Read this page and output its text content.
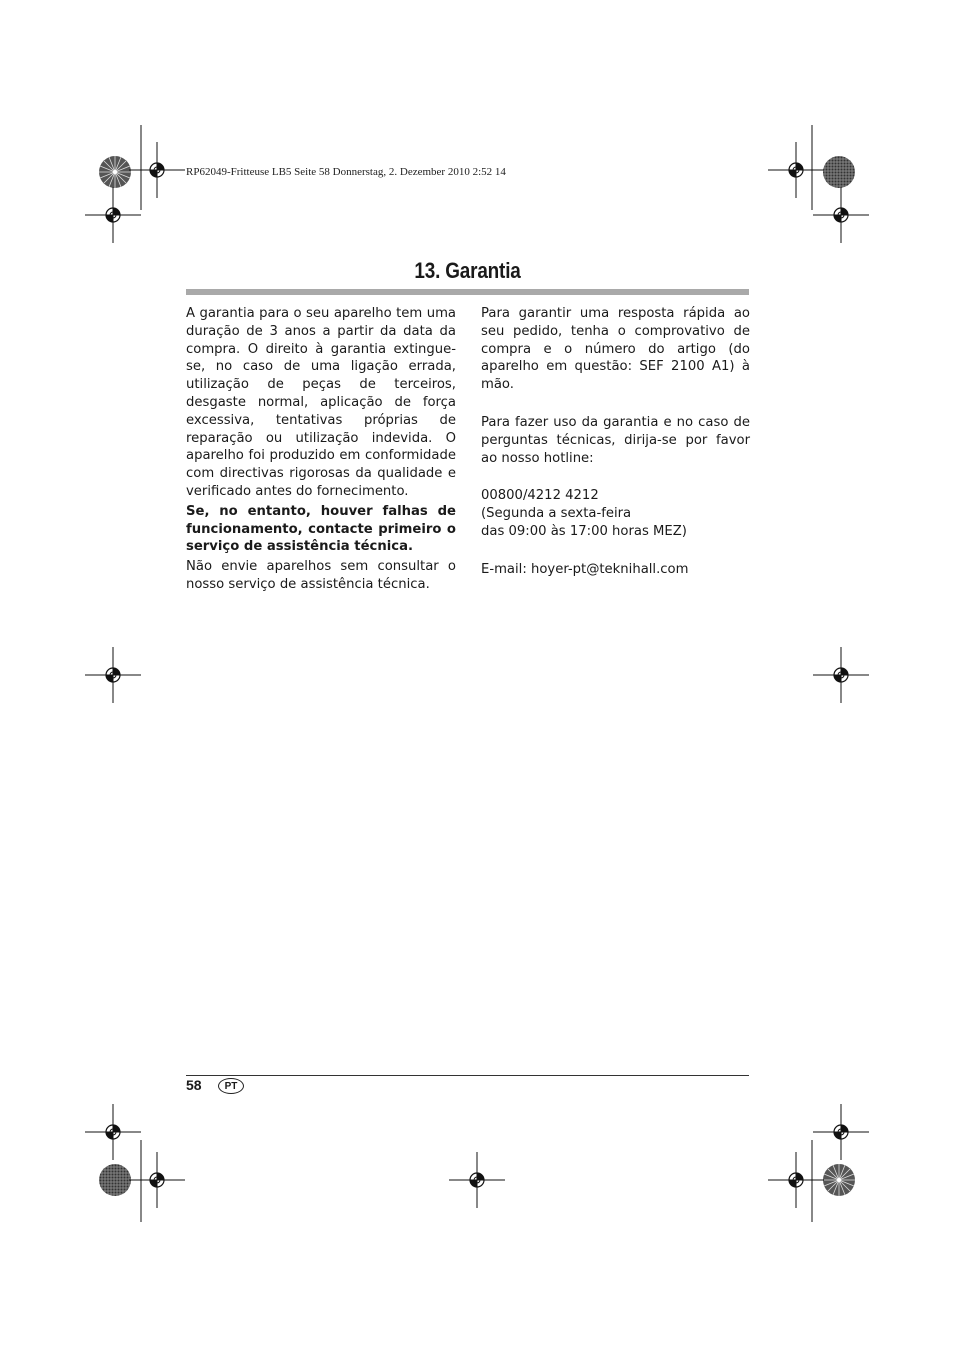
RP62049-Fritteuse LB5 Seite 58 Donnerstag, 2. Dezember 2010 2:52 14
13. Garantia

A garantia para o seu aparelho tem uma duração de 3 anos a partir da data da compra. O direito à garantia extingue-se, no caso de uma ligação errada, utilização de peças de terceiros, desgaste normal, aplicação de força excessiva, tentativas próprias de reparação ou utilização indevida. O aparelho foi produzido em conformidade com directivas rigorosas da qualidade e verificado antes do fornecimento.

Se, no entanto, houver falhas de funcionamento, contacte primeiro o serviço de assistência técnica.

Não envie aparelhos sem consultar o nosso serviço de assistência técnica.

Para garantir uma resposta rápida ao seu pedido, tenha o comprovativo de compra e o número do artigo (do aparelho em questão: SEF 2100 A1) à mão.

Para fazer uso da garantia e no caso de perguntas técnicas, dirija-se por favor ao nosso hotline:

00800/4212 4212

(Segunda a sexta-feira

das 09:00 às 17:00 horas MEZ)

E-mail: hoyer-pt@teknihall.com

58	PT
